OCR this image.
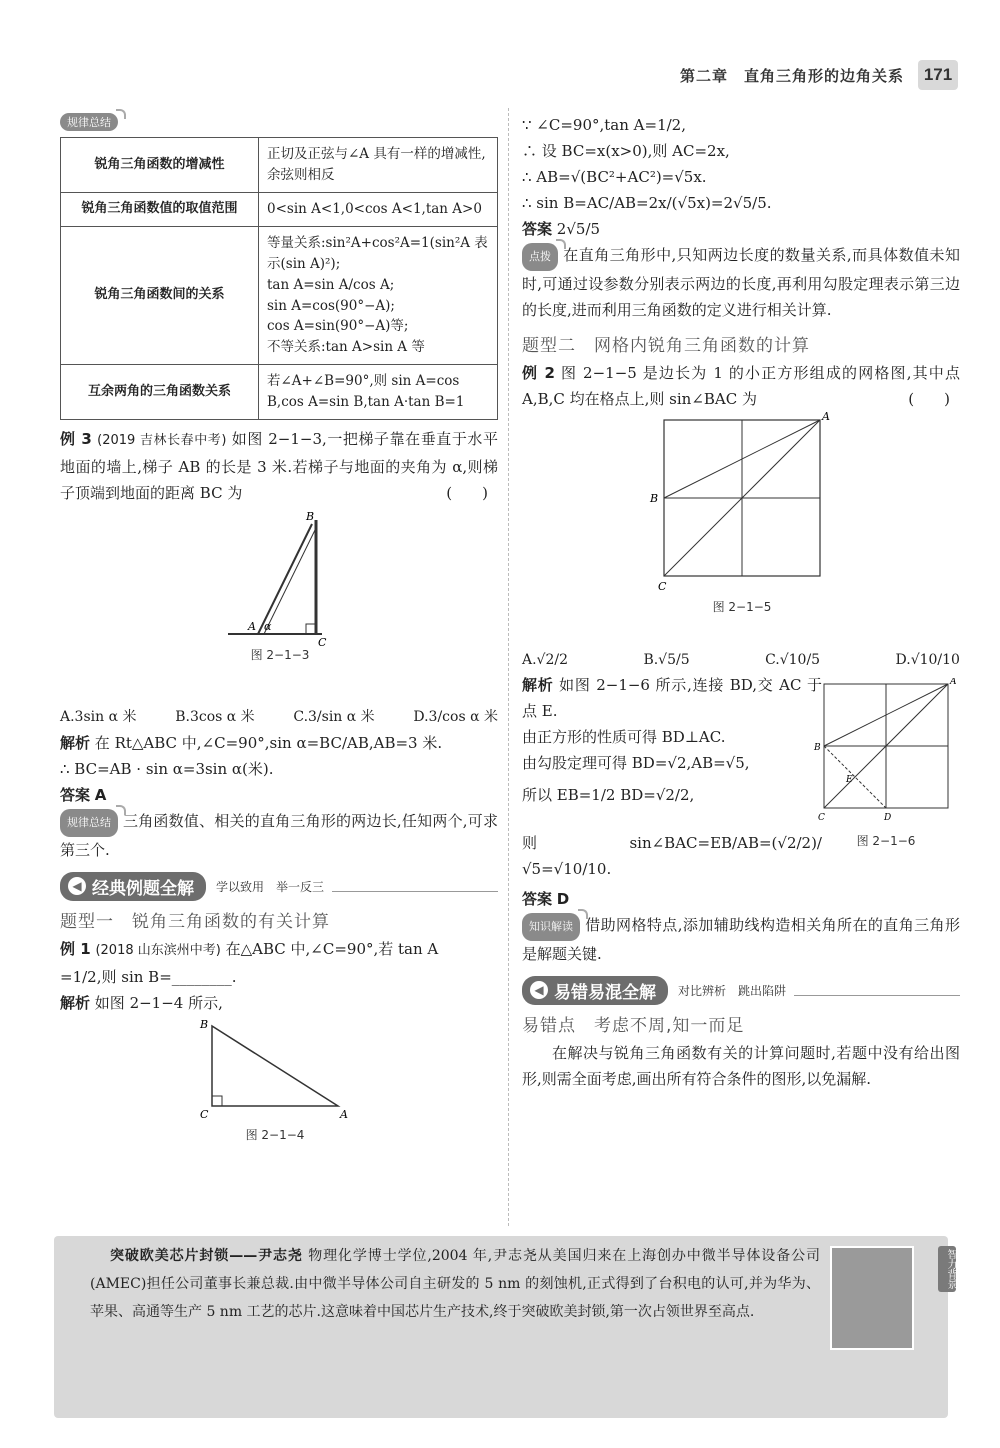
第二章　直角三角形的边角关系	171
规律总结
锐角三角函数的增减性	正切及正弦与∠A 具有一样的增减性,余弦则相反
锐角三角函数值的取值范围	0<sin A<1,0<cos A<1,tan A>0
锐角三角函数间的关系	等量关系:sin²A+cos²A=1(sin²A 表示(sin A)²);
tan A=sin A/cos A;
sin A=cos(90°−A);
cos A=sin(90°−A)等;
不等关系:tan A>sin A 等

互余两角的三角函数关系	若∠A+∠B=90°,则 sin A=cos B,cos A=sin B,tan A·tan B=1

例 3 (2019 吉林长春中考) 如图 2−1−3,一把梯子靠在垂直于水平地面的墙上,梯子 AB 的长是 3 米.若梯子与地面的夹角为 α,则梯子顶端到地面的距离 BC 为	(　　)

B
A α
C
图 2−1−3
A.3sin α 米	B.3cos α 米	C.3/sin α 米	D.3/cos α 米

解析 在 Rt△ABC 中,∠C=90°,sin α=BC/AB,AB=3 米.

∴ BC=AB · sin α=3sin α(米).

答案 A

规律总结 三角函数值、相关的直角三角形的两边长,任知两个,可求第三个.

◀ 经典例题全解 学以致用　举一反三
题型一　锐角三角函数的有关计算

例 1 (2018 山东滨州中考) 在△ABC 中,∠C=90°,若 tan A

=1/2,则 sin B=________.

解析 如图 2−1−4 所示,

B
C	A
图 2−1−4

∵ ∠C=90°,tan A=1/2,

∴ 设 BC=x(x>0),则 AC=2x,

∴ AB=√(BC²+AC²)=√5x.

∴ sin B=AC/AB=2x/(√5x)=2√5/5.

答案 2√5/5

点拨 在直角三角形中,只知两边长度的数量关系,而具体数值未知时,可通过设参数分别表示两边的长度,再利用勾股定理表示第三边的长度,进而利用三角函数的定义进行相关计算.

题型二　网格内锐角三角函数的计算

例 2 图 2−1−5 是边长为 1 的小正方形组成的网格图,其中点 A,B,C 均在格点上,则 sin∠BAC 为	(　　)

A
B
C
图 2−1−5
A.√2/2	B.√5/5	C.√10/5	D.√10/10

解析 如图 2−1−6 所示,连接 BD,交 AC 于点 E.

由正方形的性质可得 BD⊥AC.

由勾股定理可得 BD=√2,AB=√5,

所以 EB=1/2 BD=√2/2,

则 sin∠BAC=EB/AB=(√2/2)/√5=√10/10.

A
B
E
C	D
图 2−1−6

答案 D

知识解读 借助网格特点,添加辅助线构造相关角所在的直角三角形是解题关键.

◀ 易错易混全解 对比辨析　跳出陷阱
易错点　考虑不周,知一而足

在解决与锐角三角函数有关的计算问题时,若题中没有给出图形,则需全面考虑,画出所有符合条件的图形,以免漏解.

突破欧美芯片封锁——尹志尧 物理化学博士学位,2004 年,尹志尧从美国归来在上海创办中微半导体设备公司(AMEC)担任公司董事长兼总裁.由中微半导体公司自主研发的 5 nm 的刻蚀机,正式得到了台积电的认可,并为华为、苹果、高通等生产 5 nm 工艺的芯片.这意味着中国芯片生产技术,终于突破欧美封锁,第一次占领世界至高点.
智力背景
